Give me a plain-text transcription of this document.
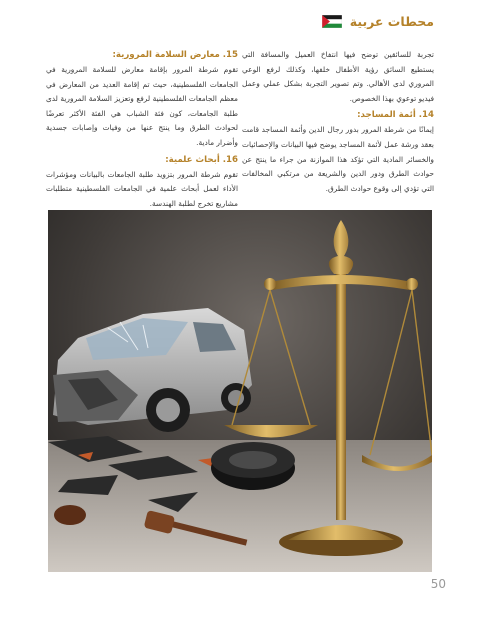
محطات عربية

تجربة للسائقين توضح فيها انتفاخ العميل والمسافة التي يستطيع السائق رؤية الأطفال خلفها، وكذلك لرفع الوعي المروري لدى الأهالي. وتم تصوير التجربة بشكل عملي وعمل فيديو توعوي بهذا الخصوص.

14. أئمة المساجد:

إيمانًا من شرطة المرور بدور رجال الدين وأئمة المساجد قامت بعقد ورشة عمل لأئمة المساجد يوضح فيها البيانات والإحصائيات والخسائر المادية التي تؤكد هذا الموازنة من جراء ما ينتج عن حوادث الطرق ودور الدين والشريعة من مرتكبي المخالفات التي تؤدي إلى وقوع حوادث الطرق.

15. معارض السلامة المرورية:

تقوم شرطة المرور بإقامة معارض للسلامة المرورية في الجامعات الفلسطينية، حيث تم إقامة العديد من المعارض في معظم الجامعات الفلسطينية لرفع وتعزيز السلامة المرورية لدى طلبة الجامعات، كون فئة الشباب هي الفئة الأكثر تعرضًا لحوادث الطرق وما ينتج عنها من وفيات وإصابات جسدية وأضرار مادية.

16. أبحاث علمية:

تقوم شرطة المرور بتزويد طلبة الجامعات بالبيانات ومؤشرات الأداء لعمل أبحاث علمية في الجامعات الفلسطينية متطلبات مشاريع تخرج لطلبة الهندسة.

50
